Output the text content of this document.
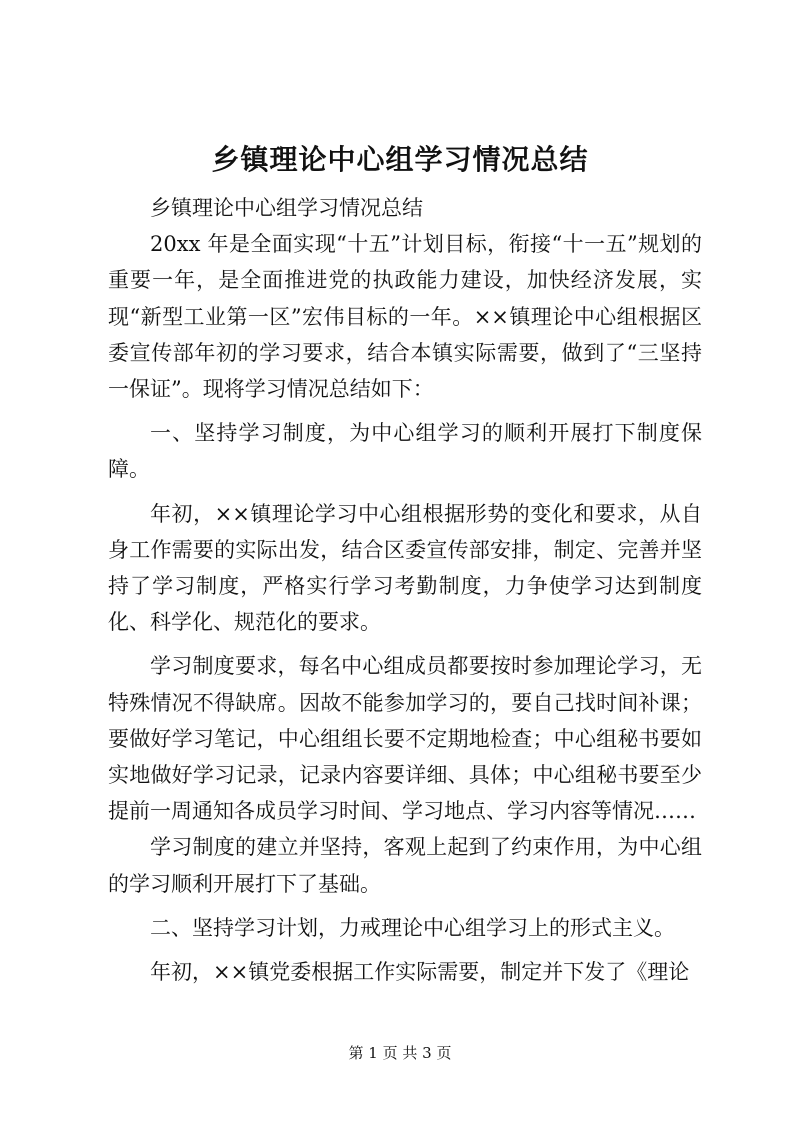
乡镇理论中心组学习情况总结

乡镇理论中心组学习情况总结

20xx 年是全面实现“十五”计划目标，衔接“十一五”规划的重要一年，是全面推进党的执政能力建设，加快经济发展，实现“新型工业第一区”宏伟目标的一年。××镇理论中心组根据区委宣传部年初的学习要求，结合本镇实际需要，做到了“三坚持一保证”。现将学习情况总结如下：

一、坚持学习制度，为中心组学习的顺利开展打下制度保障。

年初，××镇理论学习中心组根据形势的变化和要求，从自身工作需要的实际出发，结合区委宣传部安排，制定、完善并坚持了学习制度，严格实行学习考勤制度，力争使学习达到制度化、科学化、规范化的要求。

学习制度要求，每名中心组成员都要按时参加理论学习，无特殊情况不得缺席。因故不能参加学习的，要自己找时间补课；要做好学习笔记，中心组组长要不定期地检查；中心组秘书要如实地做好学习记录，记录内容要详细、具体；中心组秘书要至少提前一周通知各成员学习时间、学习地点、学习内容等情况……

学习制度的建立并坚持，客观上起到了约束作用，为中心组的学习顺利开展打下了基础。

二、坚持学习计划，力戒理论中心组学习上的形式主义。

年初，××镇党委根据工作实际需要，制定并下发了《理论

第 1 页 共 3 页
